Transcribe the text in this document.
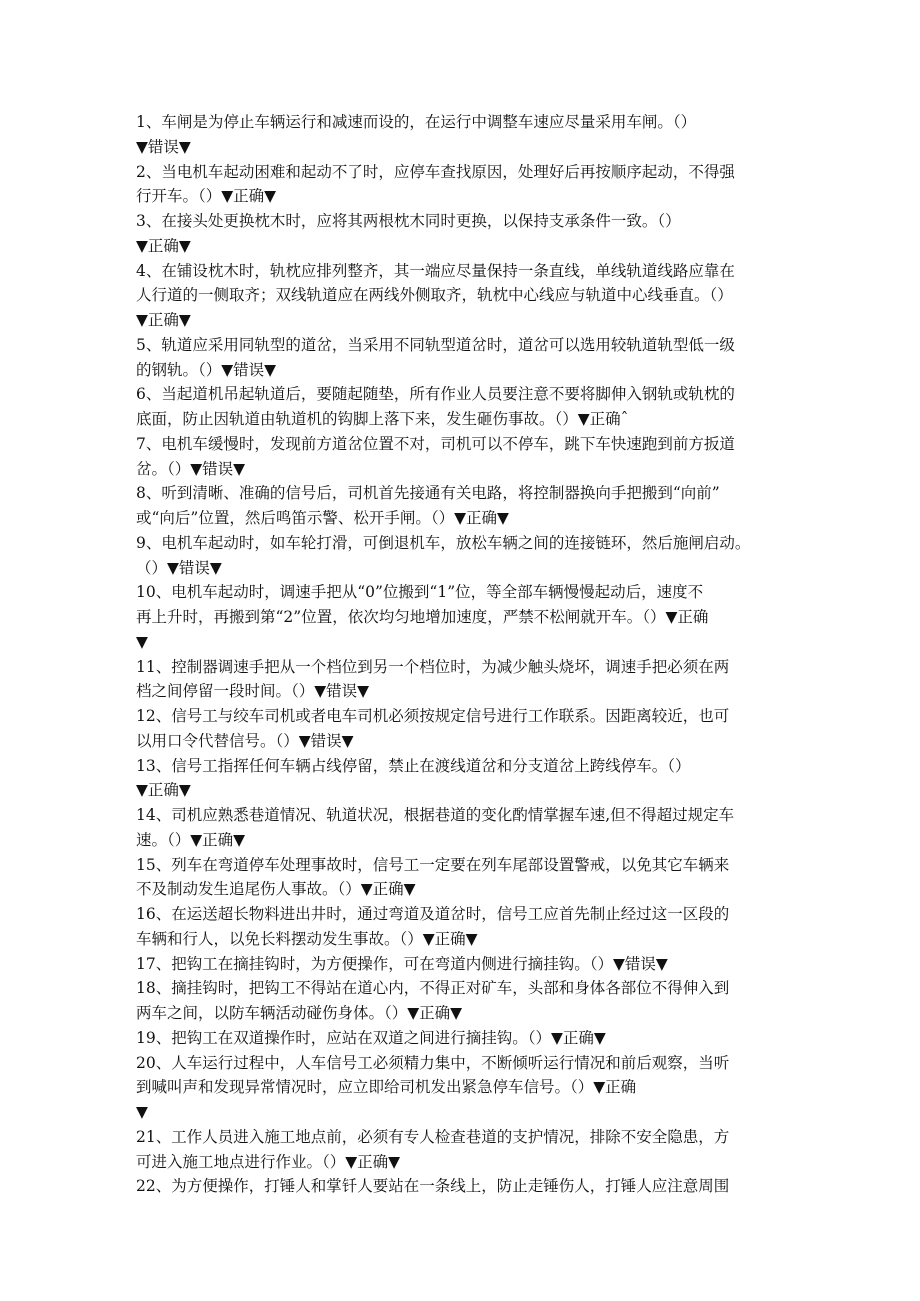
1、车闸是为停止车辆运行和减速而设的，在运行中调整车速应尽量采用车闸。（）
▼错误▼
2、当电机车起动困难和起动不了时，应停车查找原因，处理好后再按顺序起动，不得强
行开车。（）▼正确▼
3、在接头处更换枕木时，应将其两根枕木同时更换，以保持支承条件一致。（）
▼正确▼
4、在铺设枕木时，轨枕应排列整齐，其一端应尽量保持一条直线，单线轨道线路应靠在
人行道的一侧取齐；双线轨道应在两线外侧取齐，轨枕中心线应与轨道中心线垂直。（）
▼正确▼
5、轨道应采用同轨型的道岔，当采用不同轨型道岔时，道岔可以选用较轨道轨型低一级
的钢轨。（）▼错误▼
6、当起道机吊起轨道后，要随起随垫，所有作业人员要注意不要将脚伸入钢轨或轨枕的
底面，防止因轨道由轨道机的钩脚上落下来，发生砸伤事故。（）▼正确ˆ
7、电机车缓慢时，发现前方道岔位置不对，司机可以不停车，跳下车快速跑到前方扳道
岔。（）▼错误▼
8、听到清晰、准确的信号后，司机首先接通有关电路，将控制器换向手把搬到“向前”
或“向后”位置，然后鸣笛示警、松开手闸。（）▼正确▼
9、电机车起动时，如车轮打滑，可倒退机车，放松车辆之间的连接链环，然后施闸启动。
（）▼错误▼
10、电机车起动时，调速手把从“0”位搬到“1”位，等全部车辆慢慢起动后，速度不
再上升时，再搬到第“2”位置，依次均匀地增加速度，严禁不松闸就开车。（）▼正确
▼
11、控制器调速手把从一个档位到另一个档位时，为减少触头烧坏，调速手把必须在两
档之间停留一段时间。（）▼错误▼
12、信号工与绞车司机或者电车司机必须按规定信号进行工作联系。因距离较近，也可
以用口令代替信号。（）▼错误▼
13、信号工指挥任何车辆占线停留，禁止在渡线道岔和分支道岔上跨线停车。（）
▼正确▼
14、司机应熟悉巷道情况、轨道状况，根据巷道的变化酌情掌握车速,但不得超过规定车
速。（）▼正确▼
15、列车在弯道停车处理事故时，信号工一定要在列车尾部设置警戒，以免其它车辆来
不及制动发生追尾伤人事故。（）▼正确▼
16、在运送超长物料进出井时，通过弯道及道岔时，信号工应首先制止经过这一区段的
车辆和行人，以免长料摆动发生事故。（）▼正确▼
17、把钩工在摘挂钩时，为方便操作，可在弯道内侧进行摘挂钩。（）▼错误▼
18、摘挂钩时，把钩工不得站在道心内，不得正对矿车，头部和身体各部位不得伸入到
两车之间，以防车辆活动碰伤身体。（）▼正确▼
19、把钩工在双道操作时，应站在双道之间进行摘挂钩。（）▼正确▼
20、人车运行过程中，人车信号工必须精力集中，不断倾听运行情况和前后观察，当听
到喊叫声和发现异常情况时，应立即给司机发出紧急停车信号。（）▼正确
▼
21、工作人员进入施工地点前，必须有专人检查巷道的支护情况，排除不安全隐患，方
可进入施工地点进行作业。（）▼正确▼
22、为方便操作，打锤人和掌钎人要站在一条线上，防止走锤伤人，打锤人应注意周围
